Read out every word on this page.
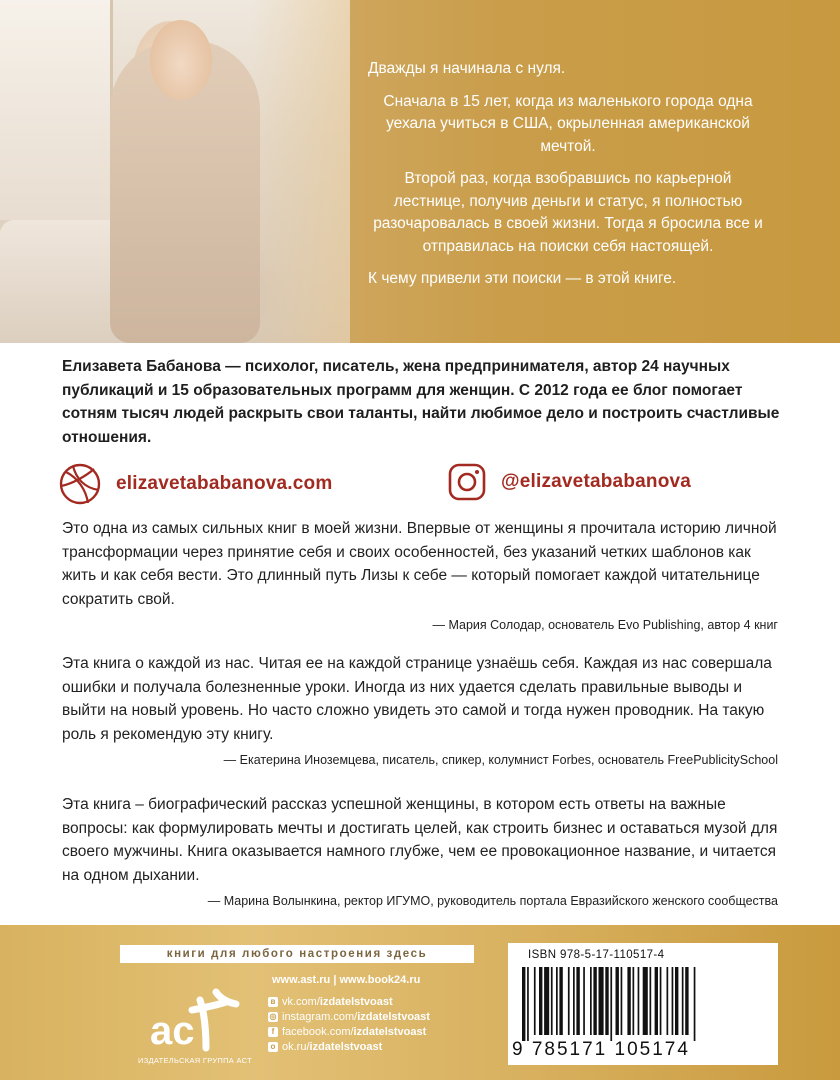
Дважды я начинала с нуля.

Сначала в 15 лет, когда из маленького города одна уехала учиться в США, окрыленная американской мечтой.

Второй раз, когда взобравшись по карьерной лестнице, получив деньги и статус, я полностью разочаровалась в своей жизни. Тогда я бросила все и отправилась на поиски себя настоящей.

К чему привели эти поиски — в этой книге.

Елизавета Бабанова — психолог, писатель, жена предпринимателя, автор 24 научных публикаций и 15 образовательных программ для женщин. С 2012 года ее блог помогает сотням тысяч людей раскрыть свои таланты, найти любимое дело и построить счастливые отношения.

elizavetababanova.com	@elizavetababanova

Это одна из самых сильных книг в моей жизни. Впервые от женщины я прочитала историю личной трансформации через принятие себя и своих особенностей, без указаний четких шаблонов как жить и как себя вести. Это длинный путь Лизы к себе — который помогает каждой читательнице сократить свой.

— Мария Солодар, основатель Evo Publishing, автор 4 книг

Эта книга о каждой из нас. Читая ее на каждой странице узнаёшь себя. Каждая из нас совершала ошибки и получала болезненные уроки. Иногда из них удается сделать правильные выводы и выйти на новый уровень. Но часто сложно увидеть это самой и тогда нужен проводник. На такую роль я рекомендую эту книгу.

— Екатерина Иноземцева, писатель, спикер, колумнист Forbes, основатель FreePublicitySchool

Эта книга – биографический рассказ успешной женщины, в котором есть ответы на важные вопросы: как формулировать мечты и достигать целей, как строить бизнес и оставаться музой для своего мужчины. Книга оказывается намного глубже, чем ее провокационное название, и читается на одном дыхании.

— Марина Волынкина, ректор ИГУМО, руководитель портала Евразийского женского сообщества
книги для любого настроения здесь
ас
ИЗДАТЕЛЬСКАЯ ГРУППА АСТ
www.ast.ru | www.book24.ru
в vk.com/ izdatelstvoast
◎ instagram.com/ izdatelstvoast
f facebook.com/ izdatelstvoast
о ok.ru/ izdatelstvoast
ISBN 978-5-17-110517-4
9 785171 105174
